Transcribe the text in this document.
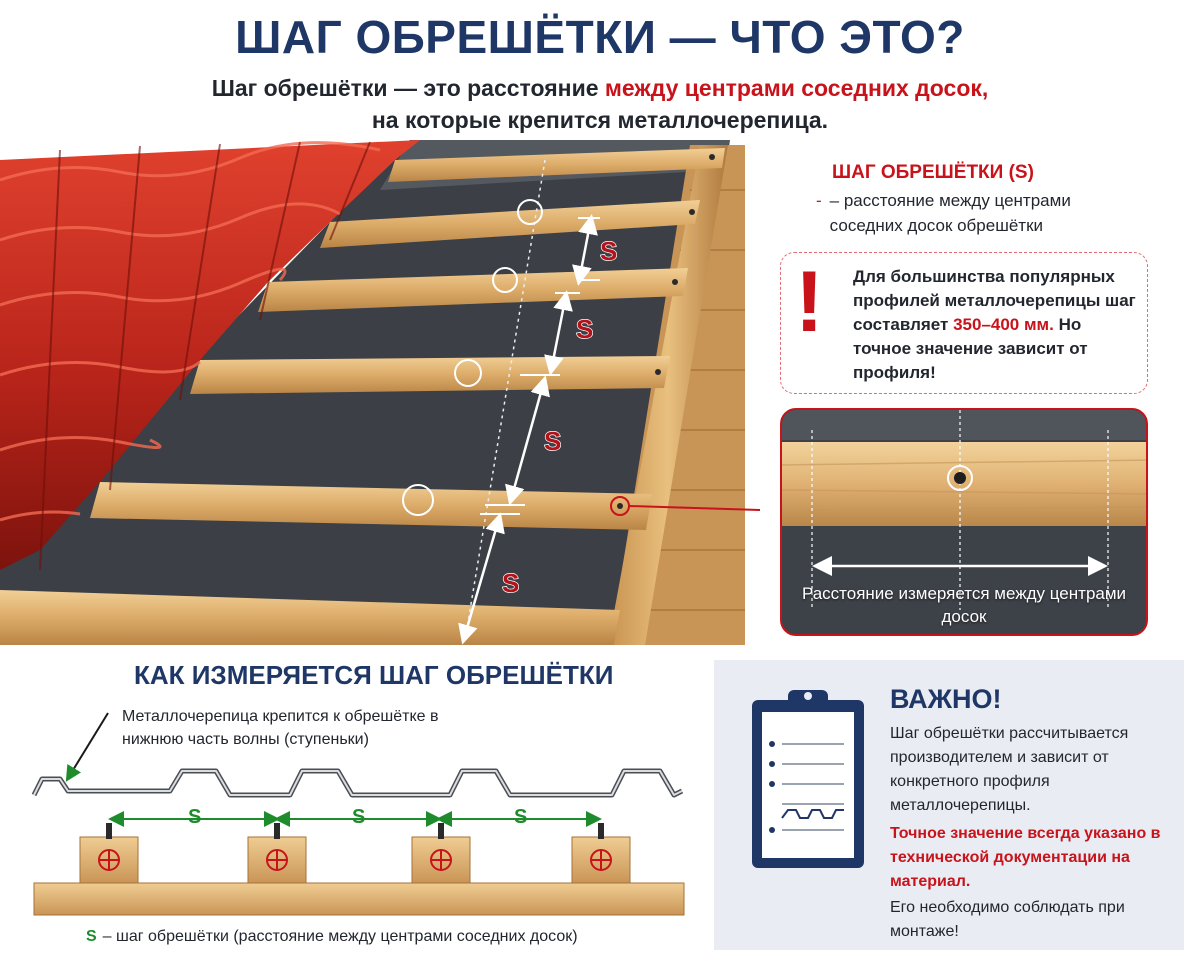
ШАГ ОБРЕШЁТКИ — ЧТО ЭТО?
Шаг обрешётки — это расстояние между центрами соседних досок,
на которые крепится металлочерепица.
S
S
S
S
ШАГ ОБРЕШЁТКИ (S)
- – расстояние между центрами соседних досок обрешётки
! Для большинства популярных профилей металлочерепицы шаг составляет 350–400 мм. Но точное значение зависит от профиля!
Расстояние измеряется между центрами досок
КАК ИЗМЕРЯЕТСЯ ШАГ ОБРЕШЁТКИ
Металлочерепица крепится к обрешётке в нижнюю часть волны (ступеньки)
S	S	S
S – шаг обрешётки (расстояние между центрами соседних досок)
ВАЖНО!
Шаг обрешётки рассчитывается производителем и зависит от конкретного профиля металлочерепицы.
Точное значение всегда указано в технической документации на материал.
Его необходимо соблюдать при монтаже!
